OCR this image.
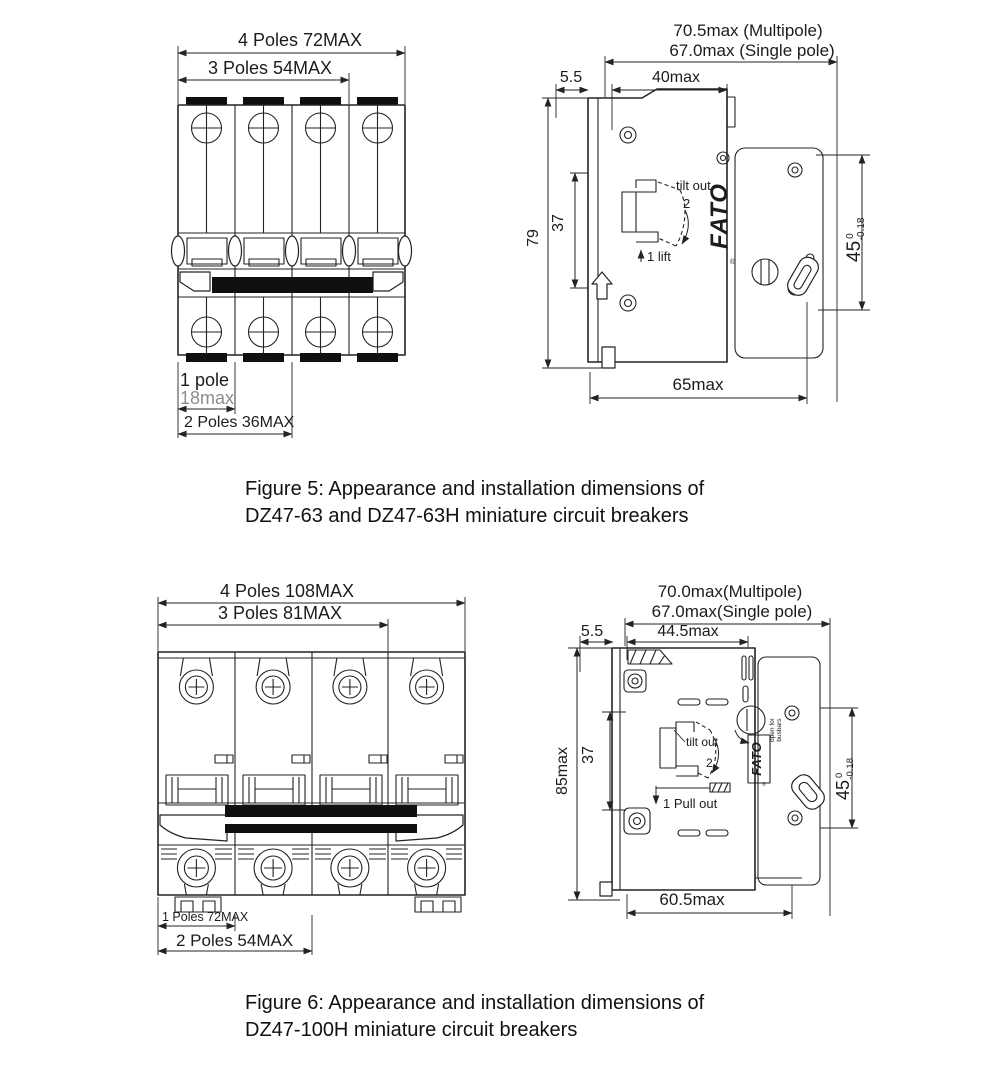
4 Poles 72MAX
3 Poles 54MAX
1 pole
18max
2 Poles 36MAX
70.5max (Multipole)
67.0max (Single pole)
5.5	40max
79
37
$45^0-0.18$
65max
FATO
®
tilt out
2
1 lift
Figure 5: Appearance and installation dimensions of
DZ47-63 and DZ47-63H miniature circuit breakers
4 Poles 108MAX
3 Poles 81MAX
1 Poles 72MAX
2 Poles 54MAX
70.0max(Multipole)
67.0max(Single pole)
5.5	44.5max
85max 37
$45^0-0.18$
60.5max
open for busbars
FATO
®
tilt out
2
1 Pull out
Figure 6: Appearance and installation dimensions of
DZ47-100H miniature circuit breakers
